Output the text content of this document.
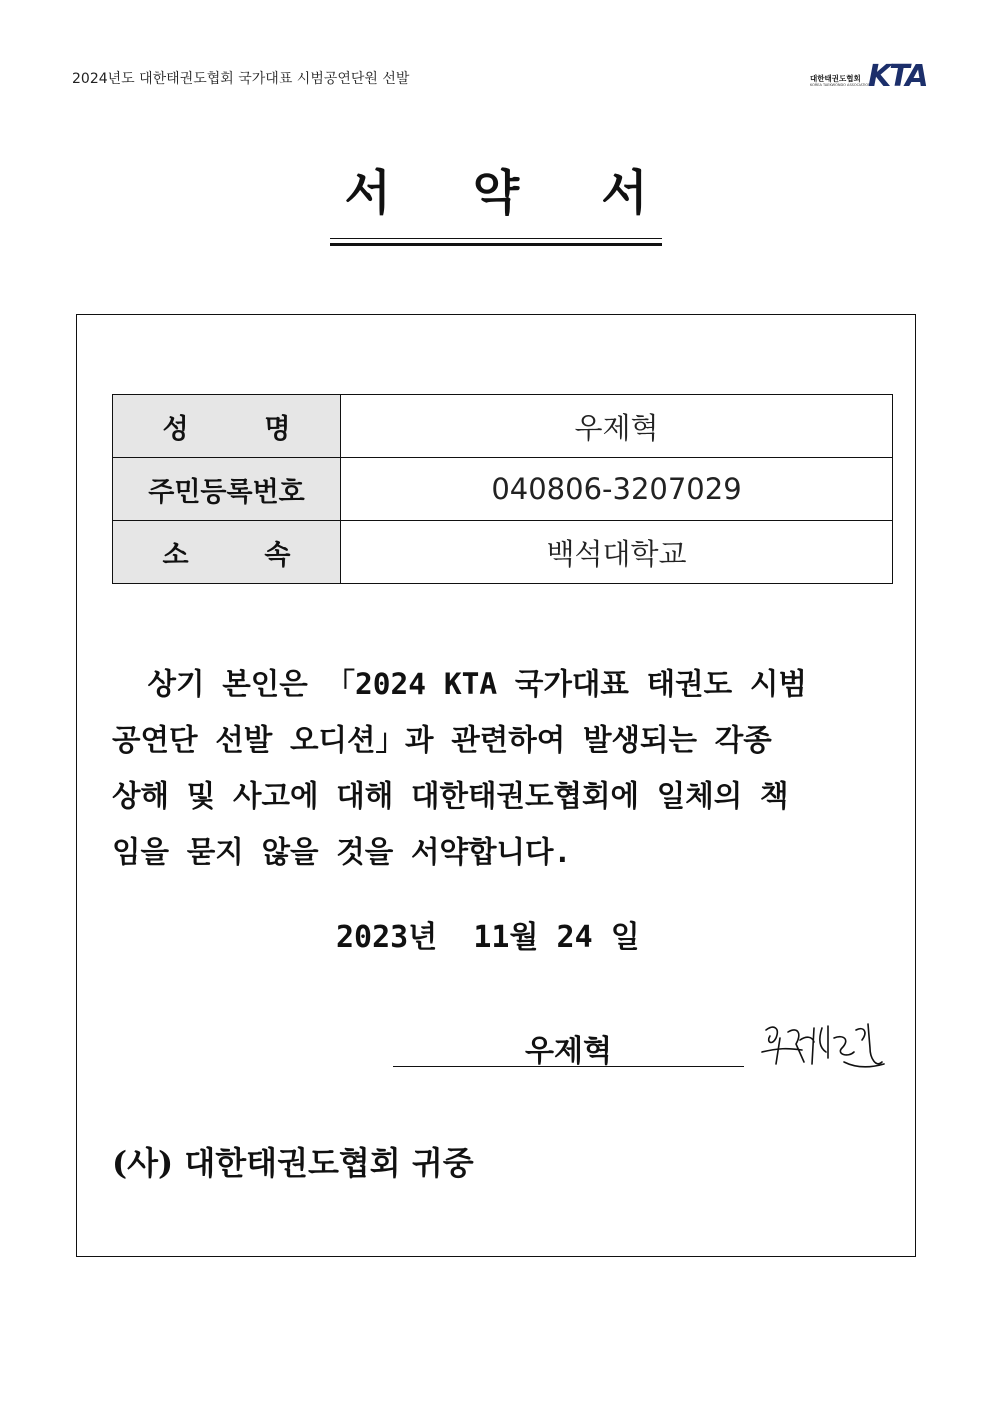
2024년도 대한태권도협회 국가대표 시범공연단원 선발	대한태권도협회
KOREA TAEKWONDO ASSOCIATION
KTA
서 약 서
성 명	우제혁
주민등록번호	040806-3207029

소 속	백석대학교
상기 본인은 「2024 KTA 국가대표 태권도 시범
공연단 선발 오디션」과 관련하여 발생되는 각종
상해 및 사고에 대해 대한태권도협회에 일체의 책
임을 묻지 않을 것을 서약합니다.
2023년  11월 24 일
우제혁
(사) 대한태권도협회 귀중
